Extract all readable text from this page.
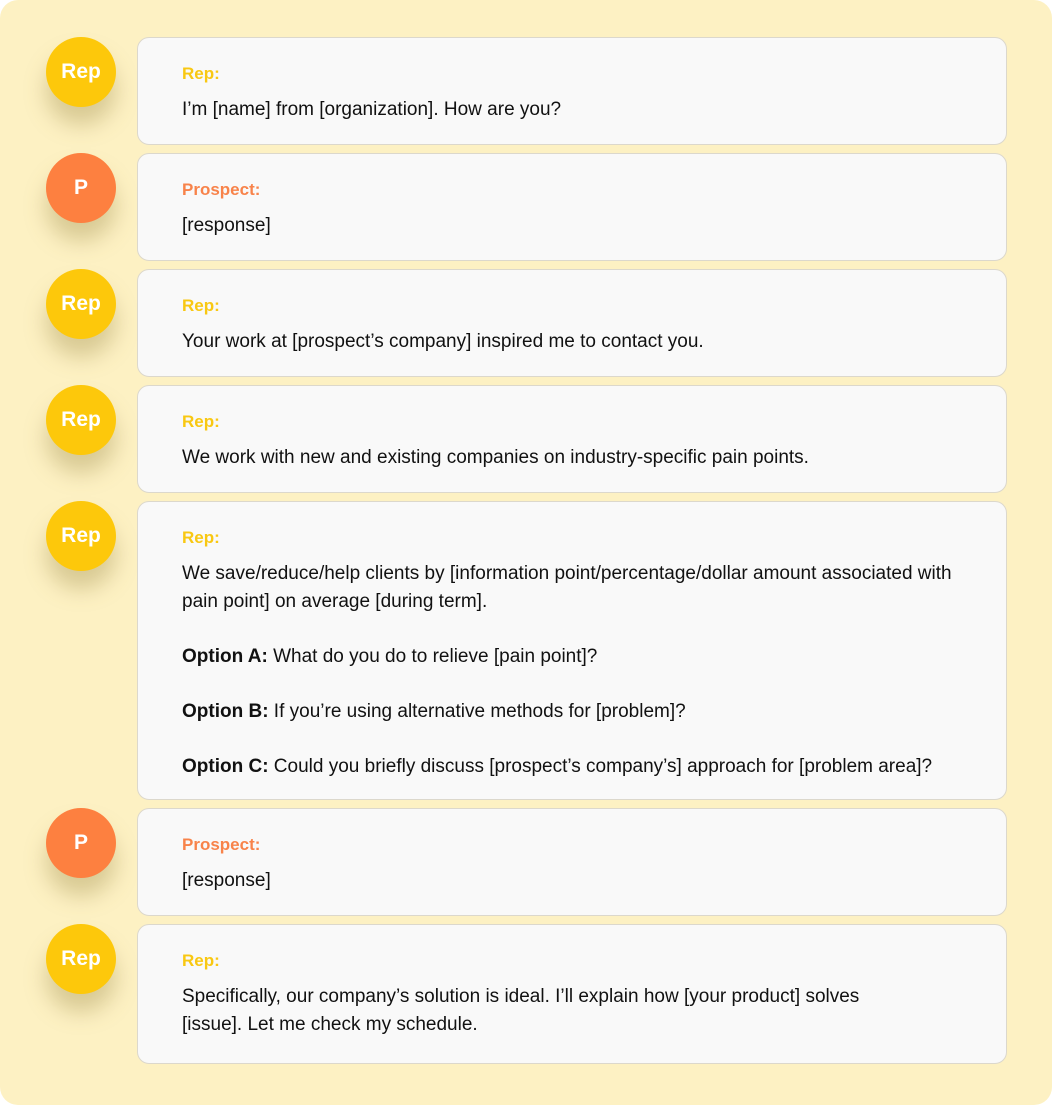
Rep	Rep:

I’m [name] from [organization]. How are you?

P	Prospect:

[response]

Rep	Rep:

Your work at [prospect’s company] inspired me to contact you.

Rep	Rep:

We work with new and existing companies on industry-specific pain points.

Rep	Rep:

We save/reduce/help clients by [information point/percentage/dollar amount associated with pain point] on average [during term].

Option A: What do you do to relieve [pain point]?

Option B: If you’re using alternative methods for [problem]?

Option C: Could you briefly discuss [prospect’s company’s] approach for [problem area]?

P	Prospect:

[response]

Rep	Rep:

Specifically, our company’s solution is ideal. I’ll explain how [your product] solves [issue]. Let me check my schedule.
